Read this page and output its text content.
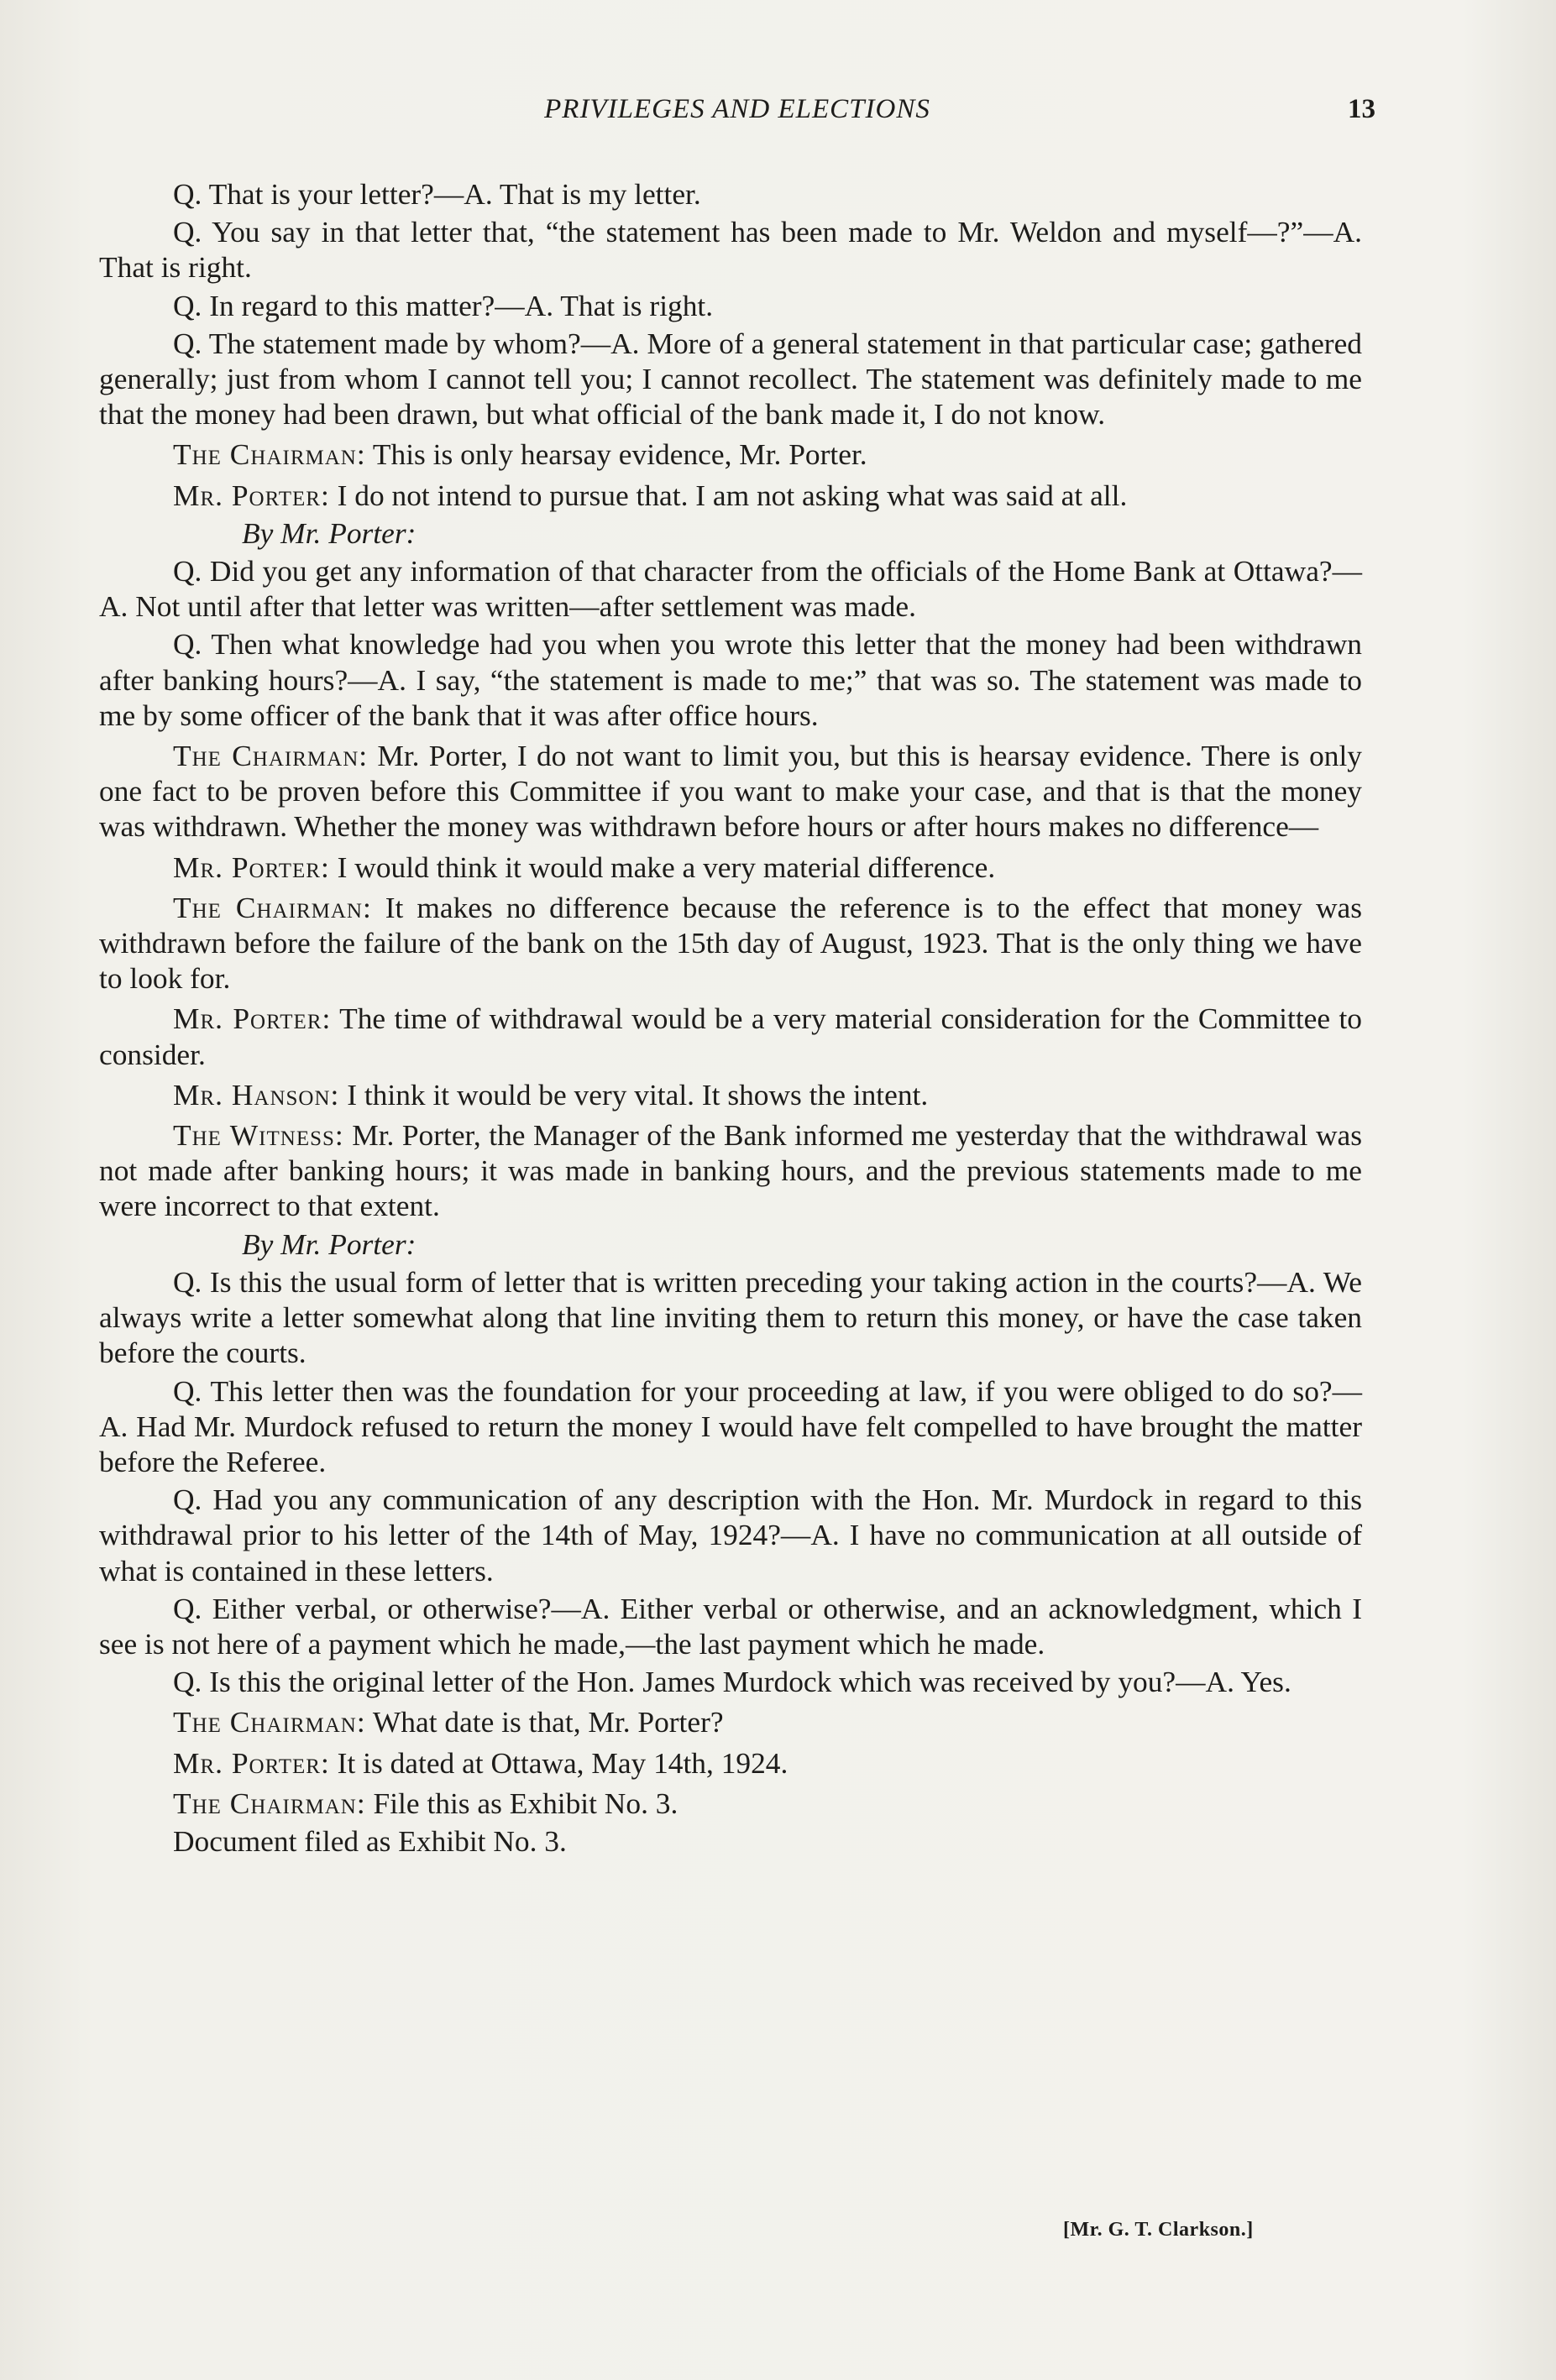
PRIVILEGES AND ELECTIONS	13

Q. That is your letter?—A. That is my letter.

Q. You say in that letter that, “the statement has been made to Mr. Weldon and myself—?”—A. That is right.

Q. In regard to this matter?—A. That is right.

Q. The statement made by whom?—A. More of a general statement in that particular case; gathered generally; just from whom I cannot tell you; I cannot recollect. The statement was definitely made to me that the money had been drawn, but what official of the bank made it, I do not know.

The Chairman: This is only hearsay evidence, Mr. Porter.

Mr. Porter: I do not intend to pursue that. I am not asking what was said at all.

By Mr. Porter:

Q. Did you get any information of that character from the officials of the Home Bank at Ottawa?—A. Not until after that letter was written—after settlement was made.

Q. Then what knowledge had you when you wrote this letter that the money had been withdrawn after banking hours?—A. I say, “the statement is made to me;” that was so. The statement was made to me by some officer of the bank that it was after office hours.

The Chairman: Mr. Porter, I do not want to limit you, but this is hearsay evidence. There is only one fact to be proven before this Committee if you want to make your case, and that is that the money was withdrawn. Whether the money was withdrawn before hours or after hours makes no difference—

Mr. Porter: I would think it would make a very material difference.

The Chairman: It makes no difference because the reference is to the effect that money was withdrawn before the failure of the bank on the 15th day of August, 1923. That is the only thing we have to look for.

Mr. Porter: The time of withdrawal would be a very material consideration for the Committee to consider.

Mr. Hanson: I think it would be very vital. It shows the intent.

The Witness: Mr. Porter, the Manager of the Bank informed me yesterday that the withdrawal was not made after banking hours; it was made in banking hours, and the previous statements made to me were incorrect to that extent.

By Mr. Porter:

Q. Is this the usual form of letter that is written preceding your taking action in the courts?—A. We always write a letter somewhat along that line inviting them to return this money, or have the case taken before the courts.

Q. This letter then was the foundation for your proceeding at law, if you were obliged to do so?—A. Had Mr. Murdock refused to return the money I would have felt compelled to have brought the matter before the Referee.

Q. Had you any communication of any description with the Hon. Mr. Murdock in regard to this withdrawal prior to his letter of the 14th of May, 1924?—A. I have no communication at all outside of what is contained in these letters.

Q. Either verbal, or otherwise?—A. Either verbal or otherwise, and an acknowledgment, which I see is not here of a payment which he made,—the last payment which he made.

Q. Is this the original letter of the Hon. James Murdock which was received by you?—A. Yes.

The Chairman: What date is that, Mr. Porter?

Mr. Porter: It is dated at Ottawa, May 14th, 1924.

The Chairman: File this as Exhibit No. 3.

Document filed as Exhibit No. 3.

[Mr. G. T. Clarkson.]
